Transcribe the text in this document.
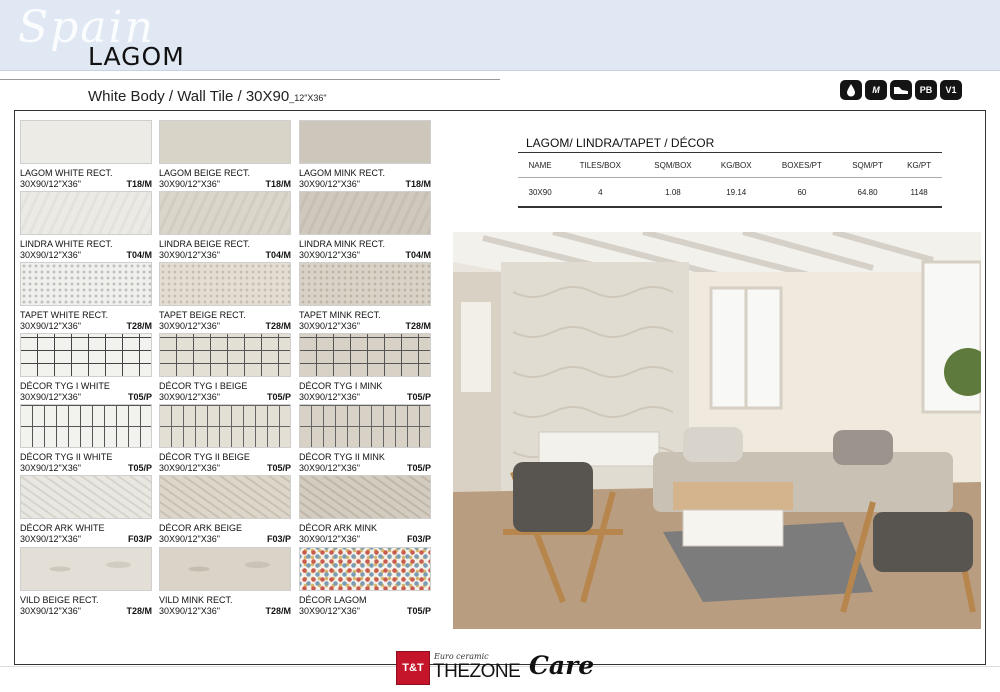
Spain
LAGOM
White Body / Wall Tile / 30X90_12"X36"
M	PB	V1
LAGOM WHITE RECT.
30X90/12"X36"	T18/M
LAGOM BEIGE RECT.
30X90/12"X36"	T18/M
LAGOM MINK RECT.
30X90/12"X36"	T18/M
LINDRA WHITE RECT.
30X90/12"X36"	T04/M
LINDRA BEIGE RECT.
30X90/12"X36"	T04/M
LINDRA MINK RECT.
30X90/12"X36"	T04/M
TAPET WHITE RECT.
30X90/12"X36"	T28/M
TAPET BEIGE RECT.
30X90/12"X36"	T28/M
TAPET MINK RECT.
30X90/12"X36"	T28/M
DÉCOR TYG I WHITE
30X90/12"X36"	T05/P
DÉCOR TYG I BEIGE
30X90/12"X36"	T05/P
DÉCOR TYG I MINK
30X90/12"X36"	T05/P
DÉCOR TYG II WHITE
30X90/12"X36"	T05/P
DÉCOR TYG II BEIGE
30X90/12"X36"	T05/P
DÉCOR TYG II MINK
30X90/12"X36"	T05/P
DÉCOR ARK WHITE
30X90/12"X36"	F03/P
DÉCOR ARK BEIGE
30X90/12"X36"	F03/P
DÉCOR ARK MINK
30X90/12"X36"	F03/P
VILD BEIGE RECT.
30X90/12"X36"	T28/M
VILD MINK RECT.
30X90/12"X36"	T28/M
DÉCOR LAGOM
30X90/12"X36"	T05/P
LAGOM/ LINDRA/TAPET / DÉCOR
NAME	TILES/BOX	SQM/BOX	KG/BOX	BOXES/PT	SQM/PT	KG/PT
30X90	4	1.08	19.14	60	64.80	1148
T&T
Euro ceramic
THEZONE Care
